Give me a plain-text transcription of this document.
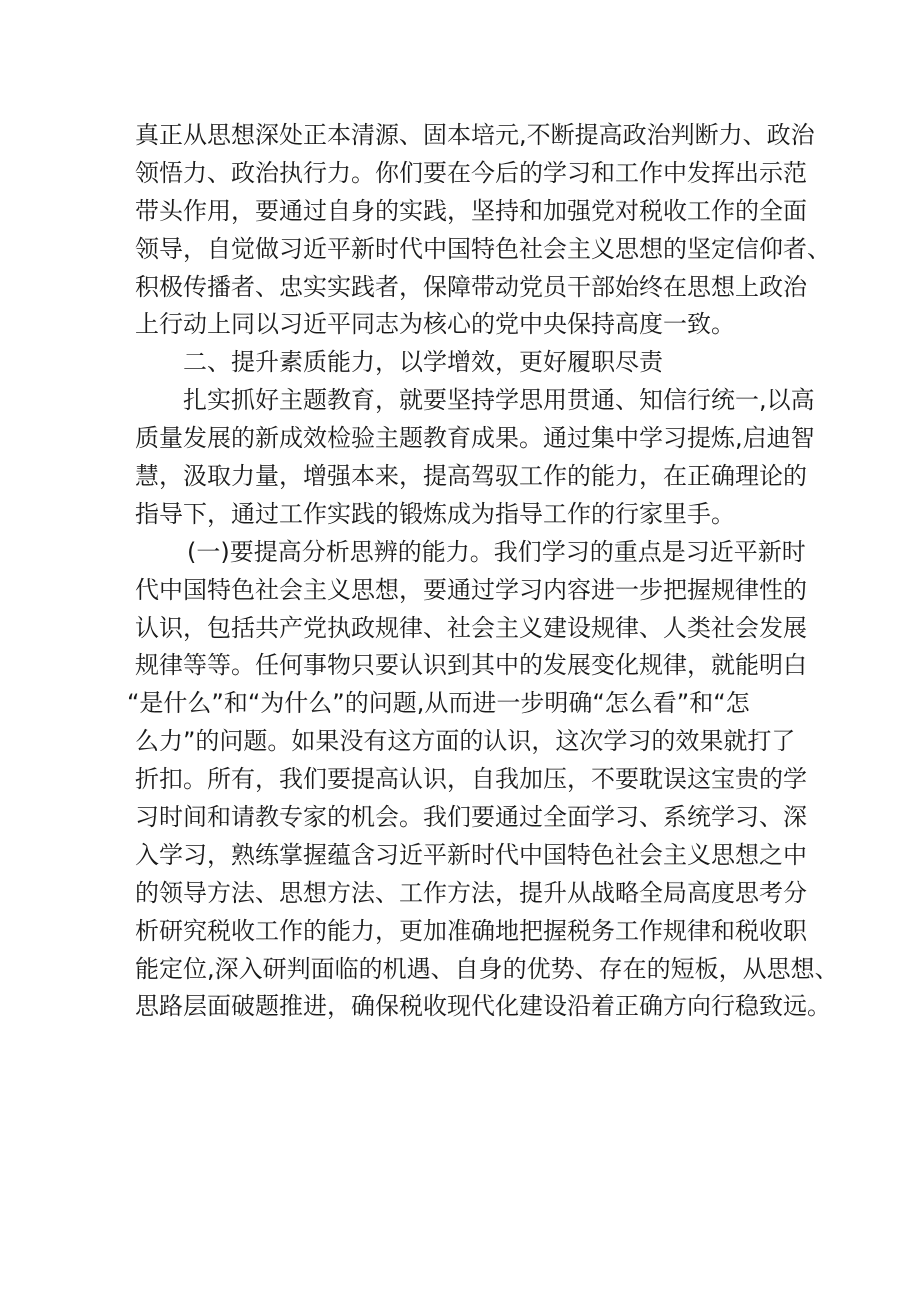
真正从思想深处正本清源、固本培元,不断提高政治判断力、政治
领悟力、政治执行力。你们要在今后的学习和工作中发挥出示范
带头作用，要通过自身的实践，坚持和加强党对税收工作的全面
领导，自觉做习近平新时代中国特色社会主义思想的坚定信仰者、
积极传播者、忠实实践者，保障带动党员干部始终在思想上政治
上行动上同以习近平同志为核心的党中央保持高度一致。
二、提升素质能力，以学增效，更好履职尽责
扎实抓好主题教育，就要坚持学思用贯通、知信行统一,以高
质量发展的新成效检验主题教育成果。通过集中学习提炼,启迪智
慧，汲取力量，增强本来，提高驾驭工作的能力，在正确理论的
指导下，通过工作实践的锻炼成为指导工作的行家里手。
(一)要提高分析思辨的能力。我们学习的重点是习近平新时
代中国特色社会主义思想，要通过学习内容进一步把握规律性的
认识，包括共产党执政规律、社会主义建设规律、人类社会发展
规律等等。任何事物只要认识到其中的发展变化规律，就能明白
“是什么”和“为什么”的问题,从而进一步明确“怎么看”和“怎
么力”的问题。如果没有这方面的认识，这次学习的效果就打了
折扣。所有，我们要提高认识，自我加压，不要耽误这宝贵的学
习时间和请教专家的机会。我们要通过全面学习、系统学习、深
入学习，熟练掌握蕴含习近平新时代中国特色社会主义思想之中
的领导方法、思想方法、工作方法，提升从战略全局高度思考分
析研究税收工作的能力，更加准确地把握税务工作规律和税收职
能定位,深入研判面临的机遇、自身的优势、存在的短板，从思想、
思路层面破题推进，确保税收现代化建设沿着正确方向行稳致远。
